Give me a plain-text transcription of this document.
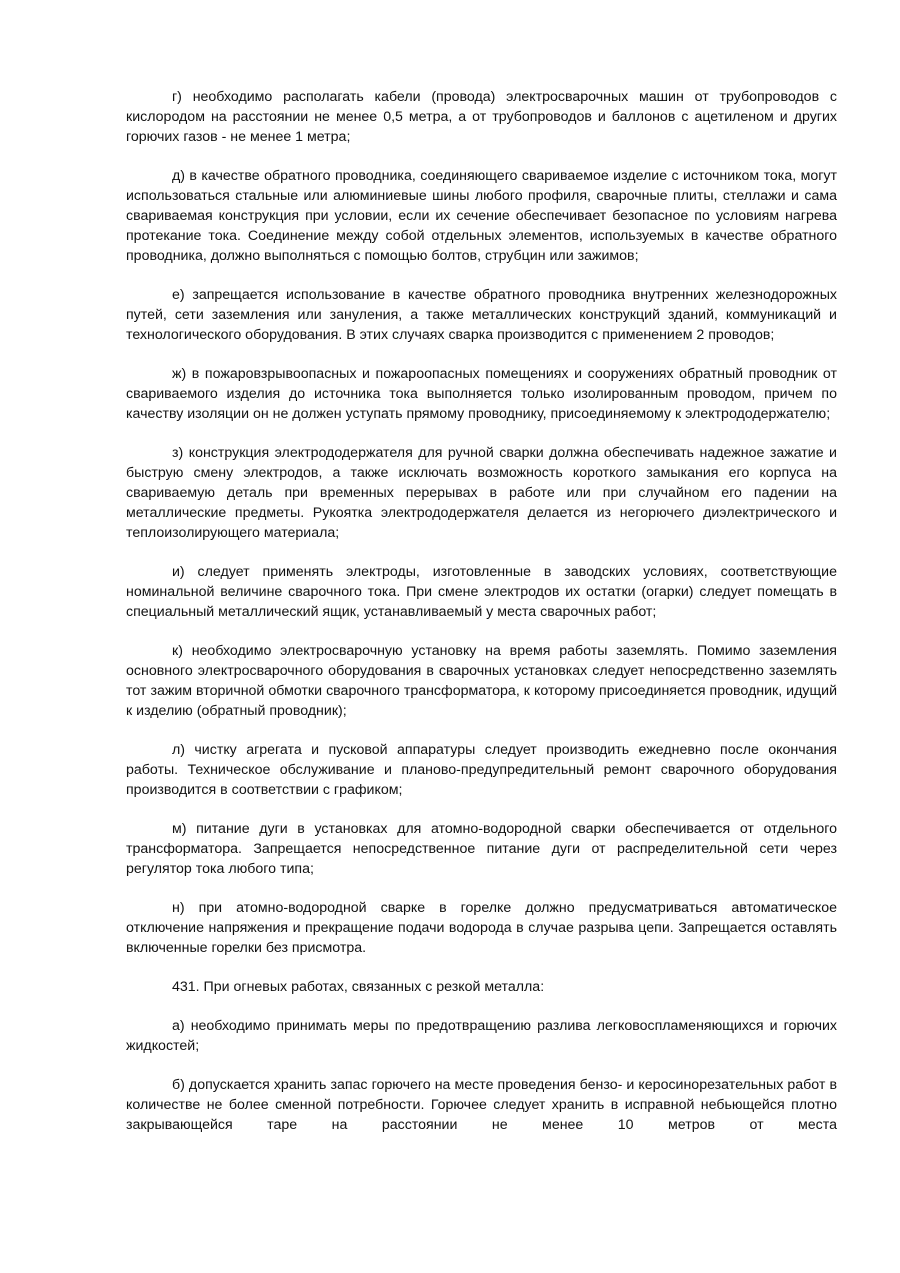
г) необходимо располагать кабели (провода) электросварочных машин от трубопроводов с кислородом на расстоянии не менее 0,5 метра, а от трубопроводов и баллонов с ацетиленом и других горючих газов - не менее 1 метра;

д) в качестве обратного проводника, соединяющего свариваемое изделие с источником тока, могут использоваться стальные или алюминиевые шины любого профиля, сварочные плиты, стеллажи и сама свариваемая конструкция при условии, если их сечение обеспечивает безопасное по условиям нагрева протекание тока. Соединение между собой отдельных элементов, используемых в качестве обратного проводника, должно выполняться с помощью болтов, струбцин или зажимов;

е) запрещается использование в качестве обратного проводника внутренних железнодорожных путей, сети заземления или зануления, а также металлических конструкций зданий, коммуникаций и технологического оборудования. В этих случаях сварка производится с применением 2 проводов;

ж) в пожаровзрывоопасных и пожароопасных помещениях и сооружениях обратный проводник от свариваемого изделия до источника тока выполняется только изолированным проводом, причем по качеству изоляции он не должен уступать прямому проводнику, присоединяемому к электрододержателю;

з) конструкция электрододержателя для ручной сварки должна обеспечивать надежное зажатие и быструю смену электродов, а также исключать возможность короткого замыкания его корпуса на свариваемую деталь при временных перерывах в работе или при случайном его падении на металлические предметы. Рукоятка электрододержателя делается из негорючего диэлектрического и теплоизолирующего материала;

и) следует применять электроды, изготовленные в заводских условиях, соответствующие номинальной величине сварочного тока. При смене электродов их остатки (огарки) следует помещать в специальный металлический ящик, устанавливаемый у места сварочных работ;

к) необходимо электросварочную установку на время работы заземлять. Помимо заземления основного электросварочного оборудования в сварочных установках следует непосредственно заземлять тот зажим вторичной обмотки сварочного трансформатора, к которому присоединяется проводник, идущий к изделию (обратный проводник);

л) чистку агрегата и пусковой аппаратуры следует производить ежедневно после окончания работы. Техническое обслуживание и планово-предупредительный ремонт сварочного оборудования производится в соответствии с графиком;

м) питание дуги в установках для атомно-водородной сварки обеспечивается от отдельного трансформатора. Запрещается непосредственное питание дуги от распределительной сети через регулятор тока любого типа;

н) при атомно-водородной сварке в горелке должно предусматриваться автоматическое отключение напряжения и прекращение подачи водорода в случае разрыва цепи. Запрещается оставлять включенные горелки без присмотра.

431. При огневых работах, связанных с резкой металла:

а) необходимо принимать меры по предотвращению разлива легковоспламеняющихся и горючих жидкостей;

б) допускается хранить запас горючего на месте проведения бензо- и керосинорезательных работ в количестве не более сменной потребности. Горючее следует хранить в исправной небьющейся плотно закрывающейся таре на расстоянии не менее 10 метров от места
